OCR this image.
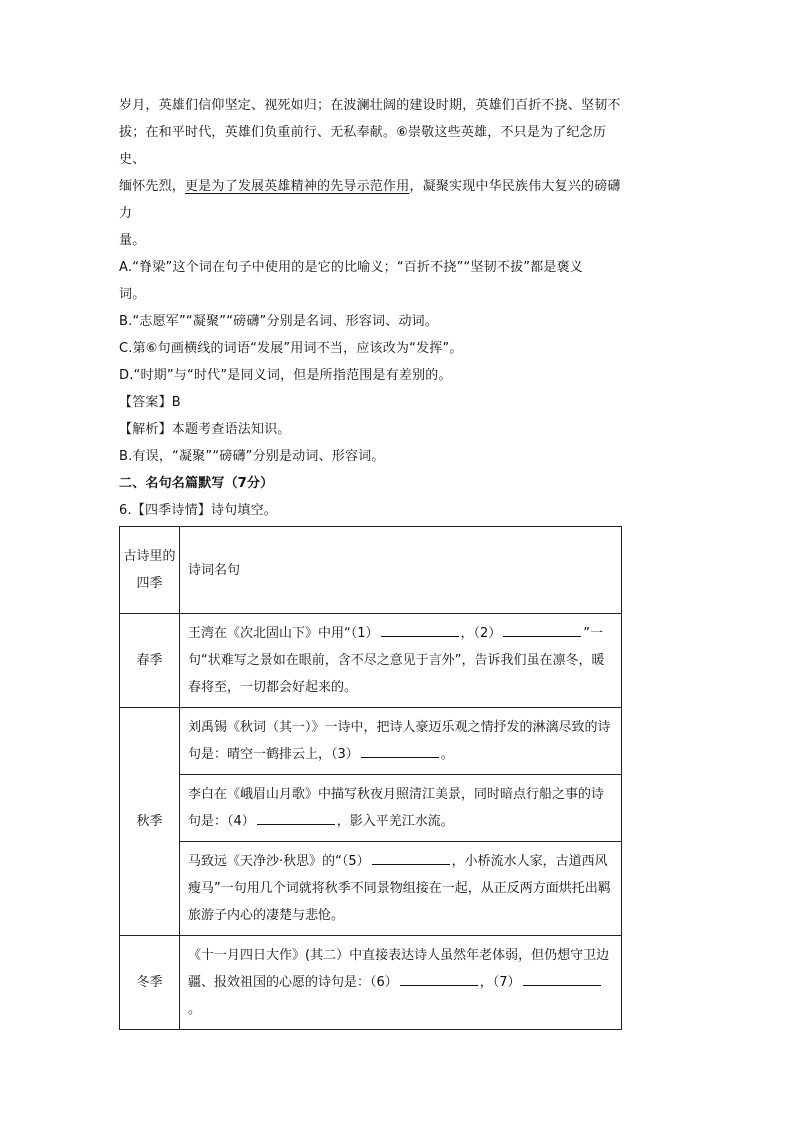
岁月，英雄们信仰坚定、视死如归；在波澜壮阔的建设时期，英雄们百折不挠、坚韧不

拔；在和平时代，英雄们负重前行、无私奉献。⑥崇敬这些英雄，不只是为了纪念历史、

缅怀先烈，更是为了发展英雄精神的先导示范作用，凝聚实现中华民族伟大复兴的磅礴力

量。

A.“脊梁”这个词在句子中使用的是它的比喻义；“百折不挠”“坚韧不拔”都是褒义

词。

B.“志愿军”“凝聚”“磅礴”分别是名词、形容词、动词。

C.第⑥句画横线的词语“发展”用词不当，应该改为“发挥”。

D.“时期”与“时代”是同义词，但是所指范围是有差别的。

【答案】B

【解析】本题考查语法知识。

B.有误，“凝聚”“磅礴”分别是动词、形容词。

二、名句名篇默写（7分）

6.【四季诗情】诗句填空。

古诗里的四季	诗词名句
春季	王湾在《次北固山下》中用“（1） ，（2） ”一句“状难写之景如在眼前，含不尽之意见于言外”，告诉我们虽在凛冬，暖春将至，一切都会好起来的。
秋季	刘禹锡《秋词（其一）》一诗中，把诗人豪迈乐观之情抒发的淋漓尽致的诗句是：晴空一鹤排云上，（3） 。
	李白在《峨眉山月歌》中描写秋夜月照清江美景，同时暗点行船之事的诗句是：（4） ，影入平羌江水流。
	马致远《天净沙·秋思》的“（5） ，小桥流水人家，古道西风瘦马”一句用几个词就将秋季不同景物组接在一起，从正反两方面烘托出羁旅游子内心的凄楚与悲怆。
冬季	《十一月四日大作》(其二）中直接表达诗人虽然年老体弱，但仍想守卫边疆、报效祖国的心愿的诗句是：（6） ，（7）。
